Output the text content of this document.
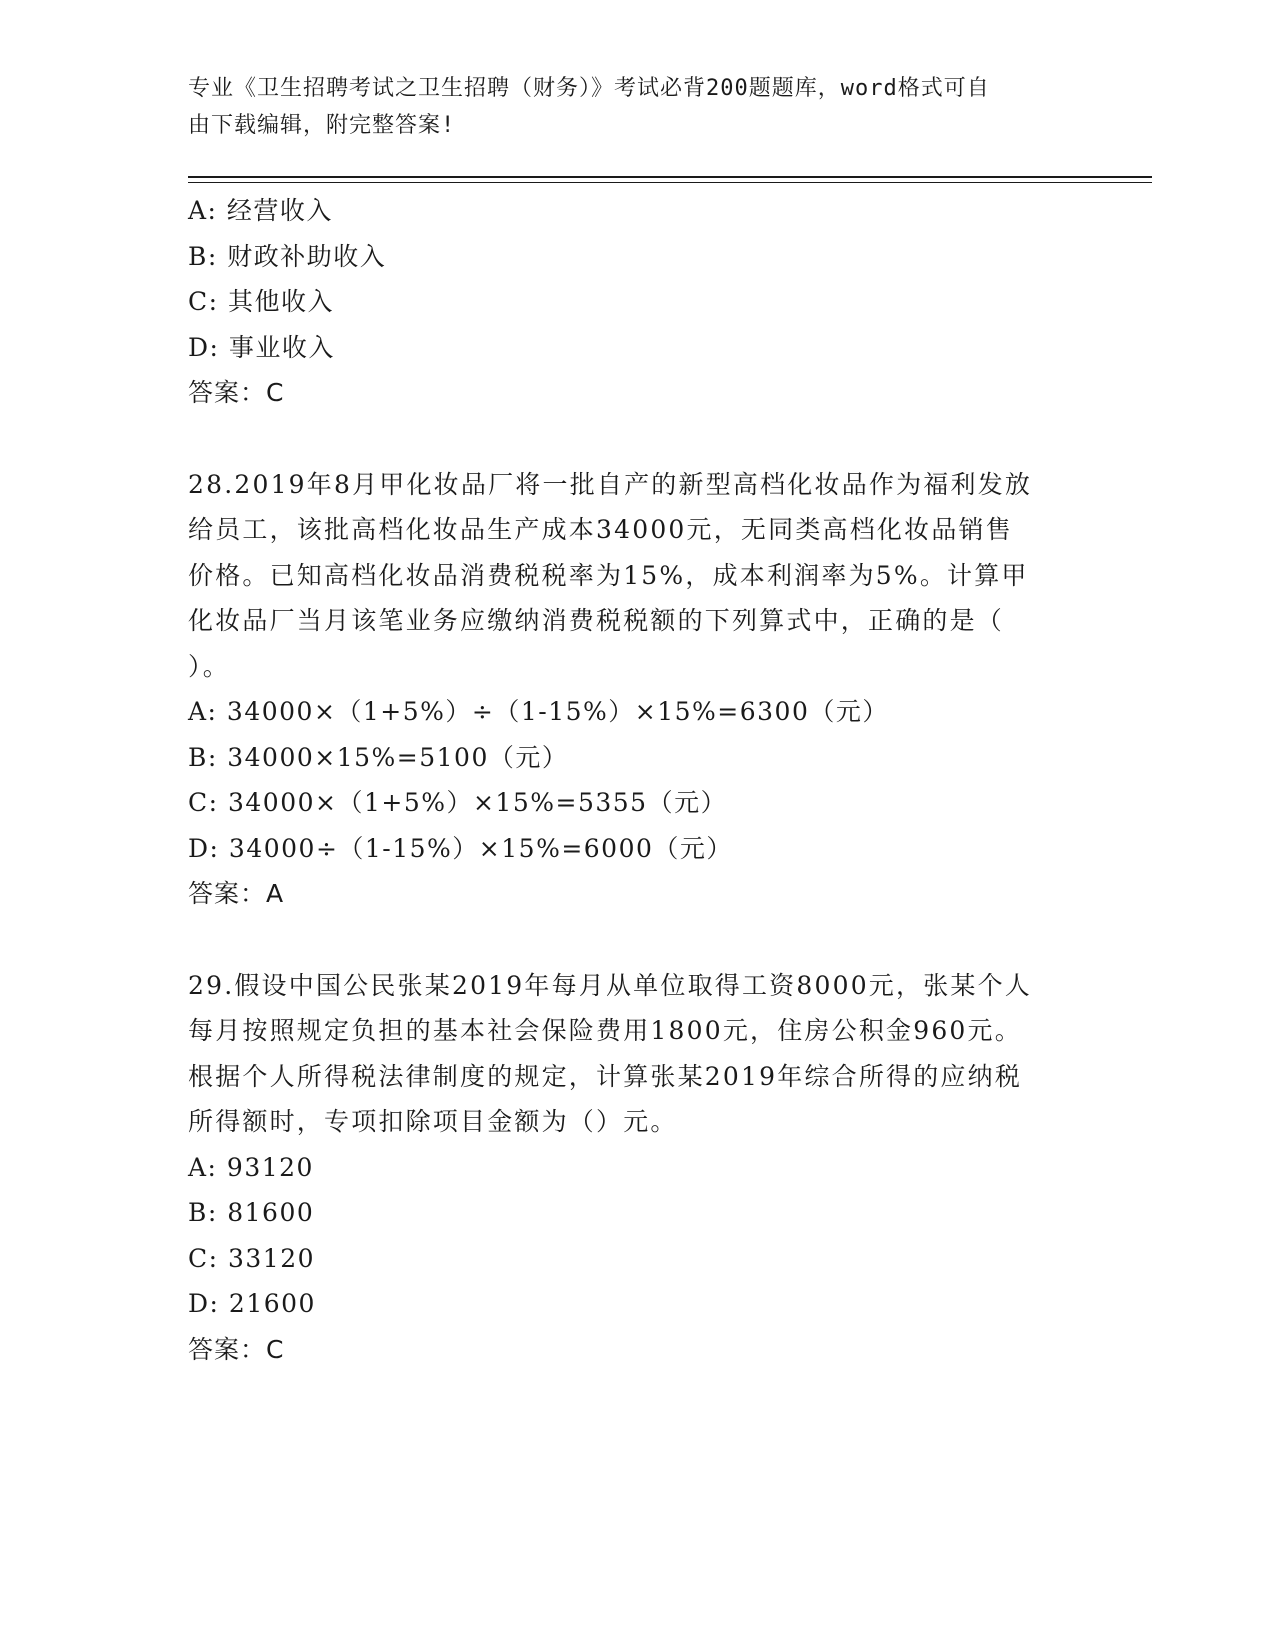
专业《卫生招聘考试之卫生招聘（财务）》考试必背200题题库，word格式可自
由下载编辑，附完整答案!
A: 经营收入
B: 财政补助收入
C: 其他收入
D: 事业收入
答案：C
28.2019年8月甲化妆品厂将一批自产的新型高档化妆品作为福利发放
给员工，该批高档化妆品生产成本34000元，无同类高档化妆品销售
价格。已知高档化妆品消费税税率为15%，成本利润率为5%。计算甲
化妆品厂当月该笔业务应缴纳消费税税额的下列算式中，正确的是（
）。
A: 34000×（1+5%）÷（1-15%）×15%=6300（元）
B: 34000×15%=5100（元）
C: 34000×（1+5%）×15%=5355（元）
D: 34000÷（1-15%）×15%=6000（元）
答案：A
29.假设中国公民张某2019年每月从单位取得工资8000元，张某个人
每月按照规定负担的基本社会保险费用1800元，住房公积金960元。
根据个人所得税法律制度的规定，计算张某2019年综合所得的应纳税
所得额时，专项扣除项目金额为（）元。
A: 93120
B: 81600
C: 33120
D: 21600
答案：C
